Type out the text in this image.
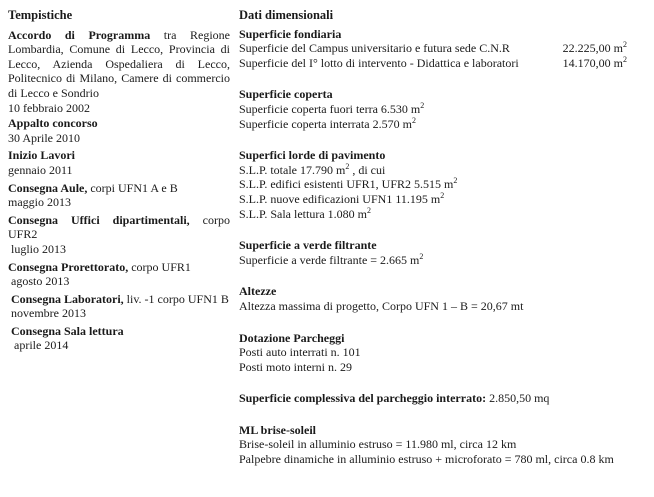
Tempistiche

Accordo di Programma tra Regione Lombardia, Comune di Lecco, Provincia di Lecco, Azienda Ospedaliera di Lecco, Politecnico di Milano, Camere di commercio di Lecco e Sondrio

10 febbraio 2002

Appalto concorso

30 Aprile 2010

Inizio Lavori

gennaio 2011

Consegna Aule, corpi UFN1 A e B

maggio 2013

Consegna Uffici dipartimentali, corpo UFR2

luglio 2013

Consegna Prorettorato, corpo UFR1

agosto 2013

Consegna Laboratori, liv. -1 corpo UFN1 B

novembre 2013

Consegna Sala lettura

aprile 2014

Dati dimensionali

Superficie fondiaria

Superficie del Campus universitario e futura sede C.N.R	22.225,00 $m^2$
Superficie del I° lotto di intervento - Didattica e laboratori	14.170,00 $m^2$

Superficie coperta

Superficie coperta fuori terra 6.530 $m^2$

Superficie coperta interrata 2.570 $m^2$

Superfici lorde di pavimento

S.L.P. totale 17.790 $m^2$ , di cui

S.L.P. edifici esistenti UFR1, UFR2 5.515 $m^2$

S.L.P. nuove edificazioni UFN1 11.195 $m^2$

S.L.P. Sala lettura 1.080 $m^2$

Superficie a verde filtrante

Superficie a verde filtrante = 2.665 $m^2$

Altezze

Altezza massima di progetto, Corpo UFN 1 – B = 20,67 mt

Dotazione Parcheggi

Posti auto interrati n. 101

Posti moto interni n. 29

Superficie complessiva del parcheggio interrato: 2.850,50 mq

ML brise-soleil

Brise-soleil in alluminio estruso = 11.980 ml, circa 12 km

Palpebre dinamiche in alluminio estruso + microforato = 780 ml, circa 0.8 km
